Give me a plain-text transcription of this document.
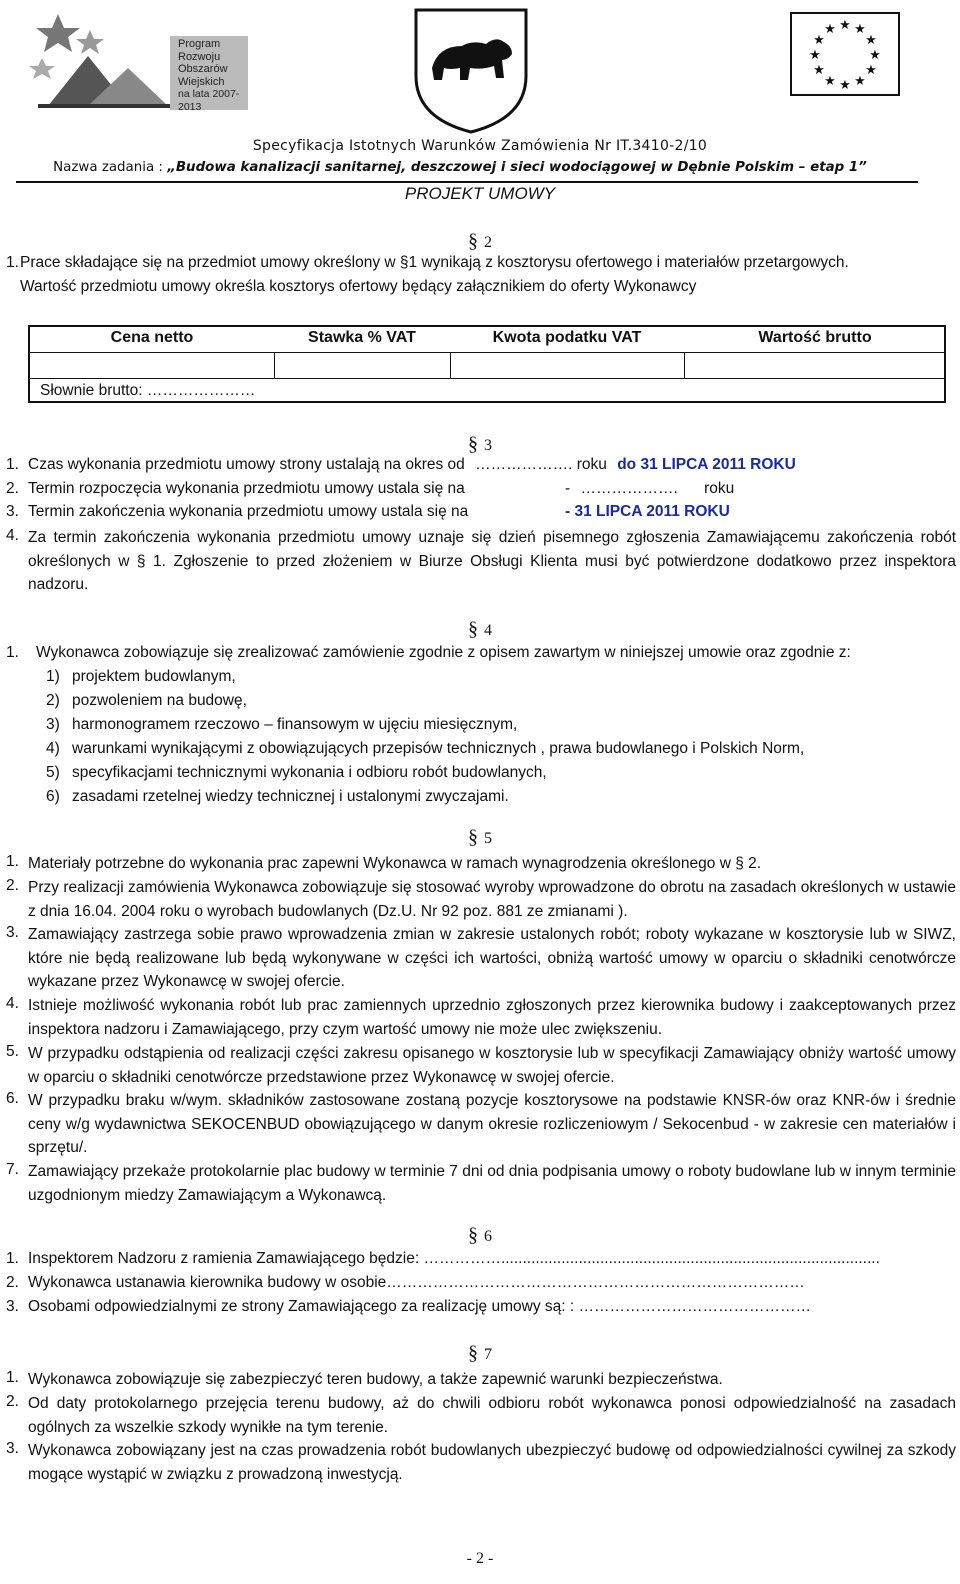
Program
Rozwoju
Obszarów
Wiejskich
na lata 2007-2013
★ ★
★
★
★
★
★
★
★
★
★
★
Specyfikacja Istotnych Warunków Zamówienia Nr IT.3410-2/10
Nazwa zadania : „Budowa kanalizacji sanitarnej, deszczowej i sieci wodociągowej w Dębnie Polskim – etap 1”
PROJEKT UMOWY
§ 2
1. Prace składające się na przedmiot umowy określony w §1 wynikają z kosztorysu ofertowego i materiałów przetargowych.
Wartość przedmiotu umowy określa kosztorys ofertowy będący załącznikiem do oferty Wykonawcy
Cena netto	Stawka % VAT	Kwota podatku VAT	Wartość brutto
Słownie brutto: …………………
§ 3
1. Czas wykonania przedmiotu umowy strony ustalają na okres od ………………. roku do 31 LIPCA 2011 ROKU
2. Termin rozpoczęcia wykonania przedmiotu umowy ustala się na	- ………………. roku
3. Termin zakończenia wykonania przedmiotu umowy ustala się na	- 31 LIPCA 2011 ROKU
4. Za termin zakończenia wykonania przedmiotu umowy uznaje się dzień pisemnego zgłoszenia Zamawiającemu zakończenia robót określonych w § 1. Zgłoszenie to przed złożeniem w Biurze Obsługi Klienta musi być potwierdzone dodatkowo przez inspektora nadzoru.
§ 4
1. Wykonawca zobowiązuje się zrealizować zamówienie zgodnie z opisem zawartym w niniejszej umowie oraz zgodnie z:
1) projektem budowlanym,
2) pozwoleniem na budowę,
3) harmonogramem rzeczowo – finansowym w ujęciu miesięcznym,
4) warunkami wynikającymi z obowiązujących przepisów technicznych , prawa budowlanego i Polskich Norm,
5) specyfikacjami technicznymi wykonania i odbioru robót budowlanych,
6) zasadami rzetelnej wiedzy technicznej i ustalonymi zwyczajami.
§ 5
1. Materiały potrzebne do wykonania prac zapewni Wykonawca w ramach wynagrodzenia określonego w § 2.
2. Przy realizacji zamówienia Wykonawca zobowiązuje się stosować wyroby wprowadzone do obrotu na zasadach określonych w ustawie z dnia 16.04. 2004 roku o wyrobach budowlanych (Dz.U. Nr 92 poz. 881 ze zmianami ).
3. Zamawiający zastrzega sobie prawo wprowadzenia zmian w zakresie ustalonych robót; roboty wykazane w kosztorysie lub w SIWZ, które nie będą realizowane lub będą wykonywane w części ich wartości, obniżą wartość umowy w oparciu o składniki cenotwórcze wykazane przez Wykonawcę w swojej ofercie.
4. Istnieje możliwość wykonania robót lub prac zamiennych uprzednio zgłoszonych przez kierownika budowy i zaakceptowanych przez inspektora nadzoru i Zamawiającego, przy czym wartość umowy nie może ulec zwiększeniu.
5. W przypadku odstąpienia od realizacji części zakresu opisanego w kosztorysie lub w specyfikacji Zamawiający obniży wartość umowy w oparciu o składniki cenotwórcze przedstawione przez Wykonawcę w swojej ofercie.
6. W przypadku braku w/wym. składników zastosowane zostaną pozycje kosztorysowe na podstawie KNSR-ów oraz KNR-ów i średnie ceny w/g wydawnictwa SEKOCENBUD obowiązującego w danym okresie rozliczeniowym / Sekocenbud - w zakresie cen materiałów i sprzętu/.
7. Zamawiający przekaże protokolarnie plac budowy w terminie 7 dni od dnia podpisania umowy o roboty budowlane lub w innym terminie uzgodnionym miedzy Zamawiającym a Wykonawcą.
§ 6
1. Inspektorem Nadzoru z ramienia Zamawiającego będzie: ……………........................................................................................
2. Wykonawca ustanawia kierownika budowy w osobie………………………………………………………………………
3. Osobami odpowiedzialnymi ze strony Zamawiającego za realizację umowy są: : ………………………………………
§ 7
1. Wykonawca zobowiązuje się zabezpieczyć teren budowy, a także zapewnić warunki bezpieczeństwa.
2. Od daty protokolarnego przejęcia terenu budowy, aż do chwili odbioru robót wykonawca ponosi odpowiedzialność na zasadach ogólnych za wszelkie szkody wynikłe na tym terenie.
3. Wykonawca zobowiązany jest na czas prowadzenia robót budowlanych ubezpieczyć budowę od odpowiedzialności cywilnej za szkody mogące wystąpić w związku z prowadzoną inwestycją.
- 2 -
